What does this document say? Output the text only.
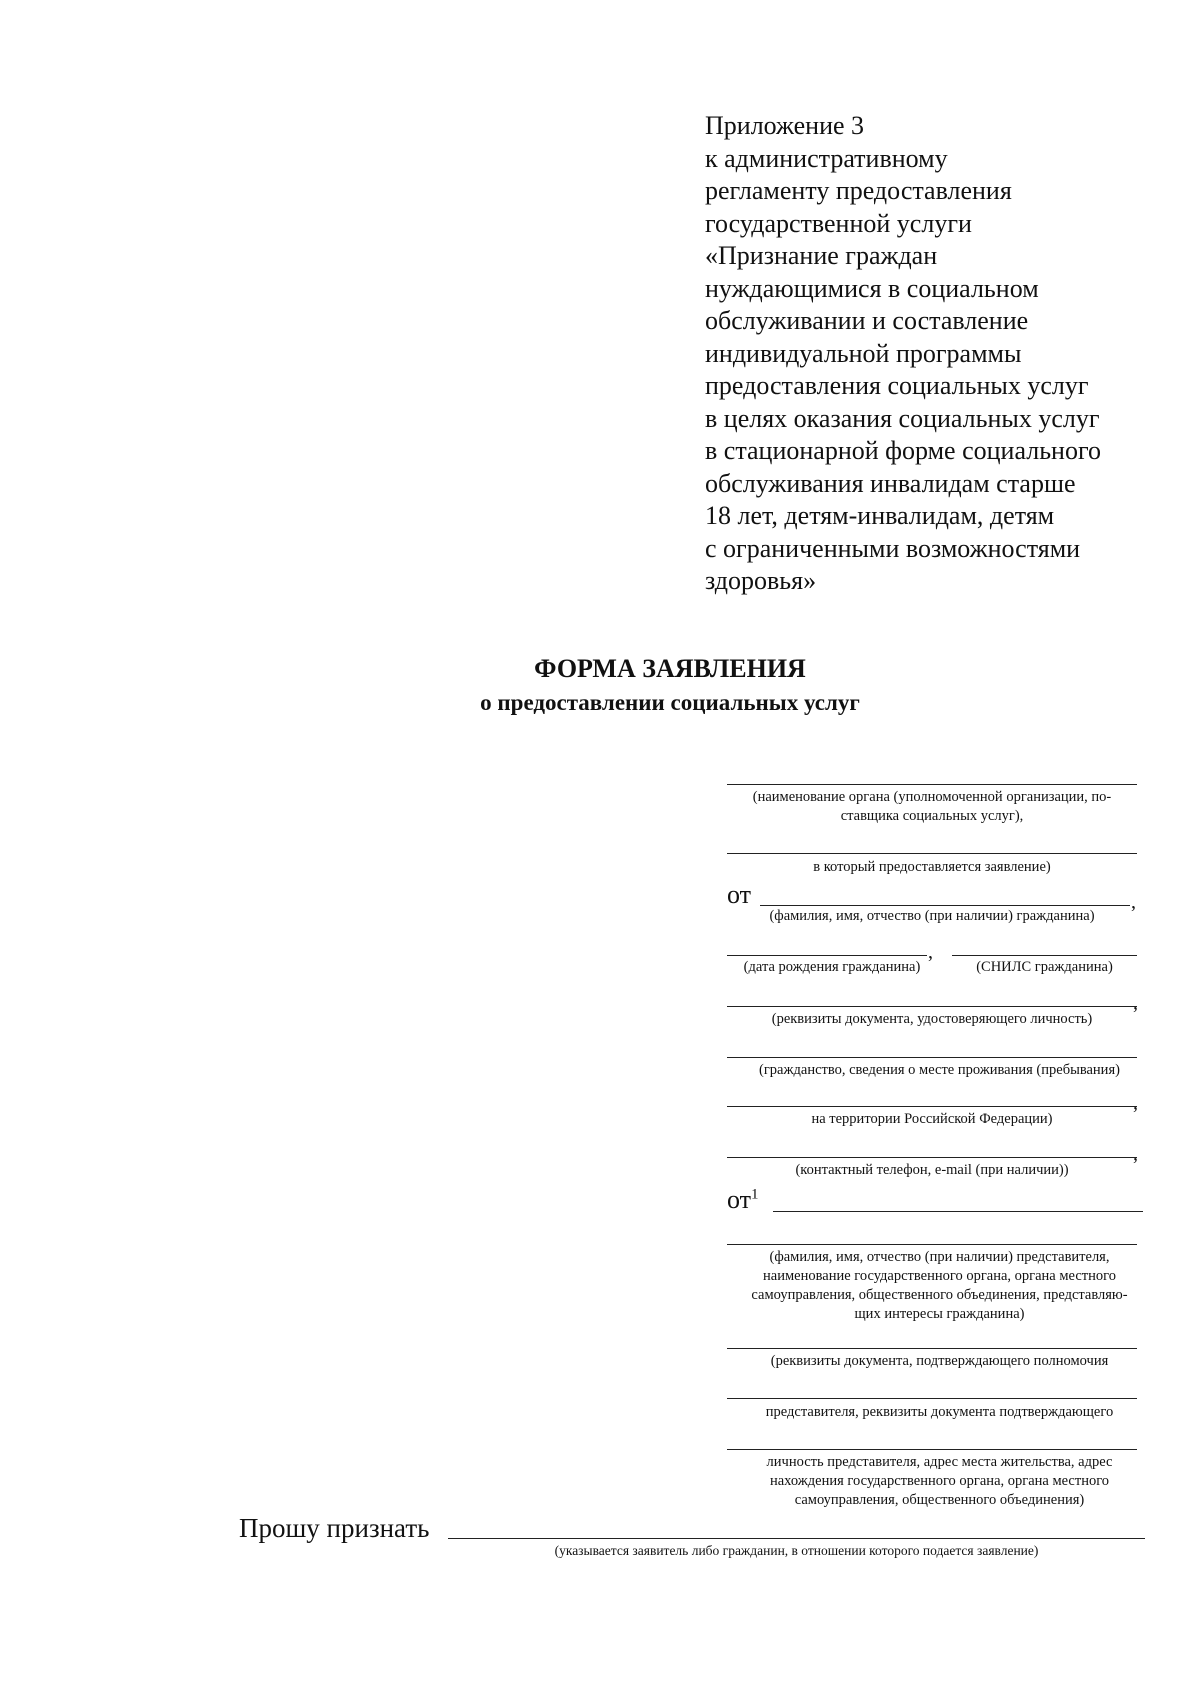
Приложение 3
к административному
регламенту предоставления
государственной услуги
«Признание граждан
нуждающимися в социальном
обслуживании и составление
индивидуальной программы
предоставления социальных услуг
в целях оказания социальных услуг
в стационарной форме социального
обслуживания инвалидам старше
18 лет, детям-инвалидам, детям
с ограниченными возможностями
здоровья»
ФОРМА ЗАЯВЛЕНИЯ
о предоставлении социальных услуг
(наименование органа (уполномоченной организации, по-
ставщика социальных услуг),
в который предоставляется заявление)
от	,
(фамилия, имя, отчество (при наличии) гражданина)
,
(дата рождения гражданина)	(СНИЛС гражданина)
,
(реквизиты документа, удостоверяющего личность)
(гражданство, сведения о месте проживания (пребывания)
,
на территории Российской Федерации)
,
(контактный телефон, e-mail (при наличии))
$от^1$
(фамилия, имя, отчество (при наличии) представителя,
наименование государственного органа, органа местного
самоуправления, общественного объединения, представляю-
щих интересы гражданина)
(реквизиты документа, подтверждающего полномочия
представителя, реквизиты документа подтверждающего
личность представителя, адрес места жительства, адрес
нахождения государственного органа, органа местного
самоуправления, общественного объединения)
Прошу признать
(указывается заявитель либо гражданин, в отношении которого подается заявление)
